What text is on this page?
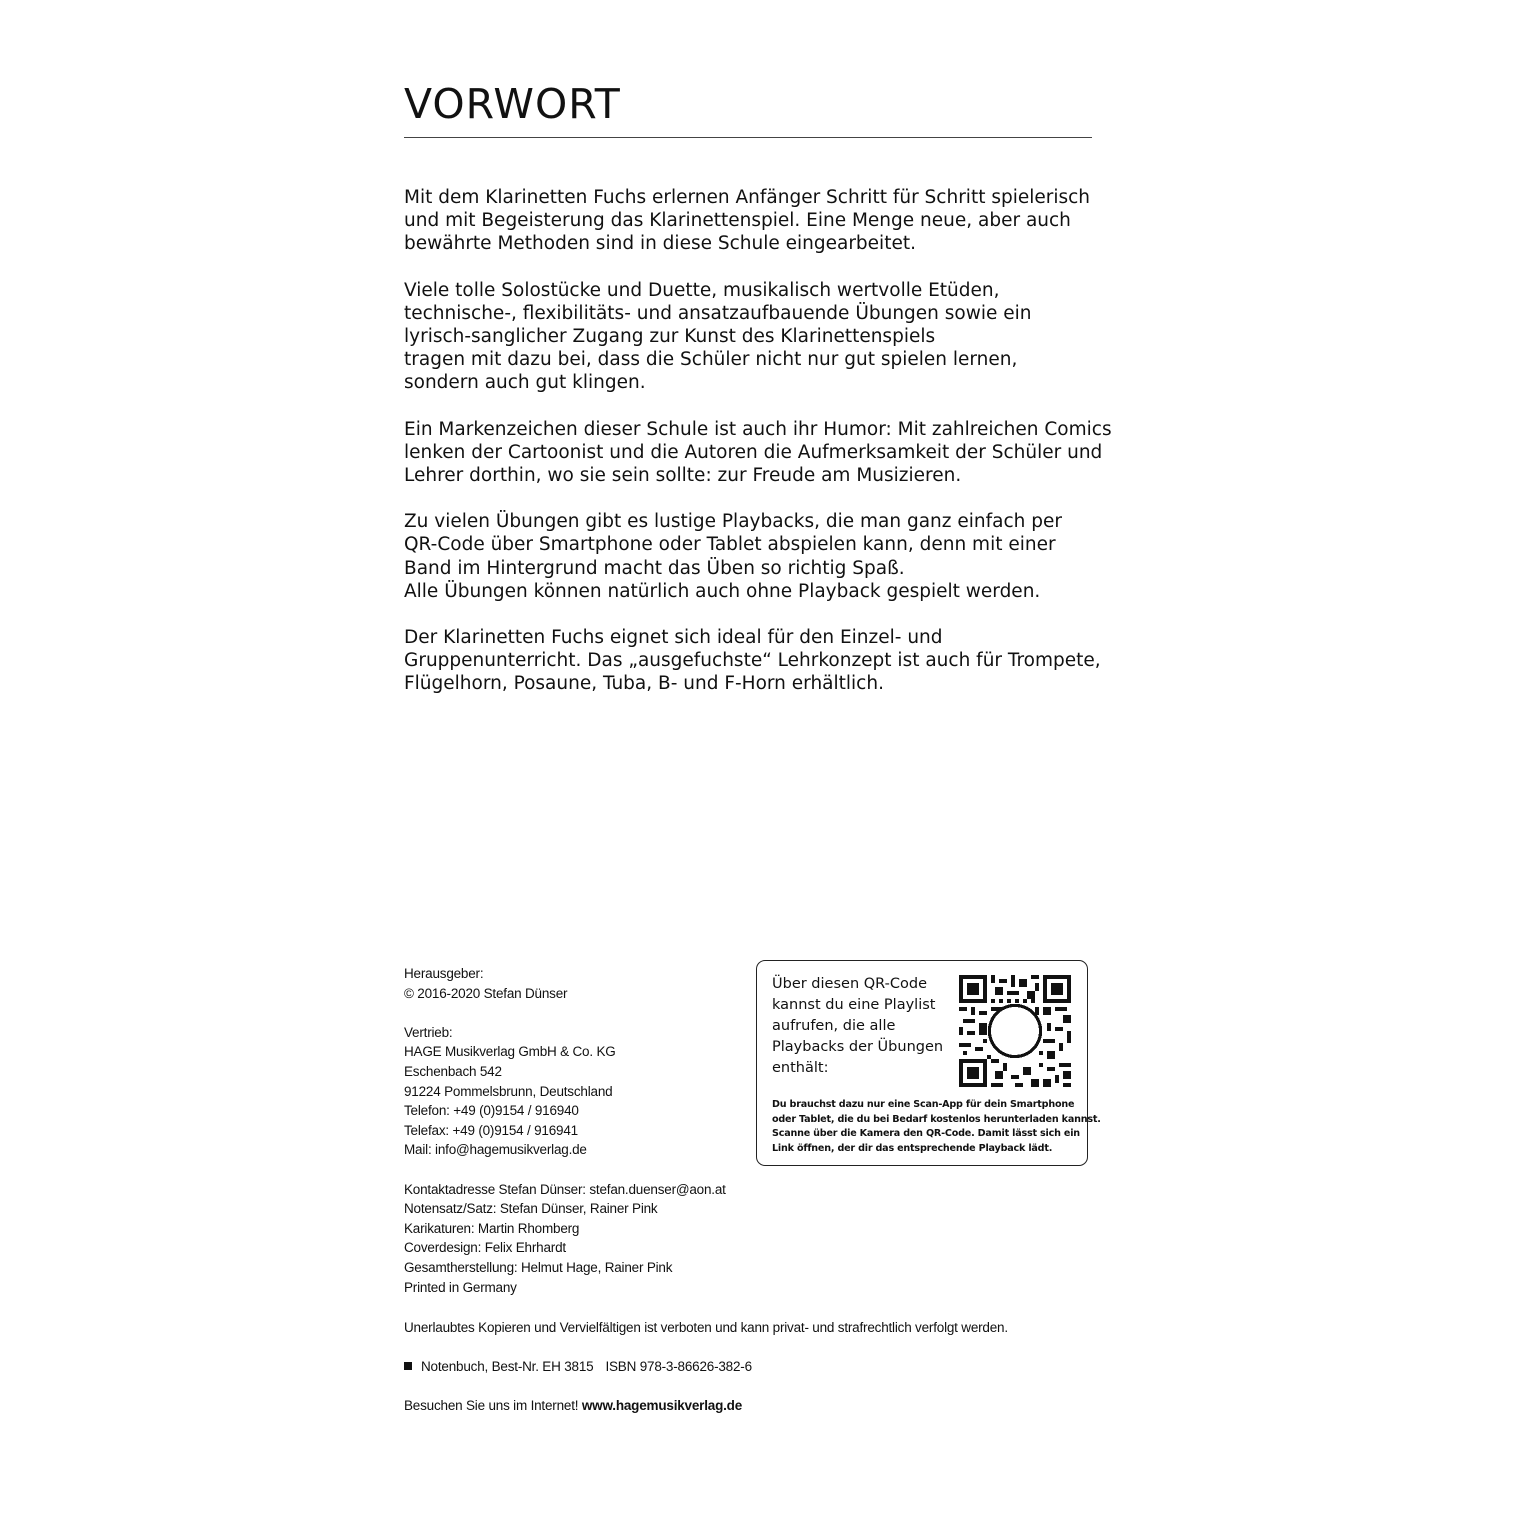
VORWORT

Mit dem Klarinetten Fuchs erlernen Anfänger Schritt für Schritt spielerisch
und mit Begeisterung das Klarinettenspiel. Eine Menge neue, aber auch
bewährte Methoden sind in diese Schule eingearbeitet.

Viele tolle Solostücke und Duette, musikalisch wertvolle Etüden,
technische-, flexibilitäts- und ansatzaufbauende Übungen sowie ein
lyrisch-sanglicher Zugang zur Kunst des Klarinettenspiels
tragen mit dazu bei, dass die Schüler nicht nur gut spielen lernen,
sondern auch gut klingen.

Ein Markenzeichen dieser Schule ist auch ihr Humor: Mit zahlreichen Comics
lenken der Cartoonist und die Autoren die Aufmerksamkeit der Schüler und
Lehrer dorthin, wo sie sein sollte: zur Freude am Musizieren.

Zu vielen Übungen gibt es lustige Playbacks, die man ganz einfach per
QR-Code über Smartphone oder Tablet abspielen kann, denn mit einer
Band im Hintergrund macht das Üben so richtig Spaß.
Alle Übungen können natürlich auch ohne Playback gespielt werden.

Der Klarinetten Fuchs eignet sich ideal für den Einzel- und
Gruppenunterricht. Das „ausgefuchste“ Lehrkonzept ist auch für Trompete,
Flügelhorn, Posaune, Tuba, B- und F-Horn erhältlich.

Herausgeber:
© 2016-2020 Stefan Dünser
Vertrieb:
HAGE Musikverlag GmbH & Co. KG
Eschenbach 542
91224 Pommelsbrunn, Deutschland
Telefon: +49 (0)9154 / 916940
Telefax: +49 (0)9154 / 916941
Mail: info@hagemusikverlag.de
Kontaktadresse Stefan Dünser: stefan.duenser@aon.at
Notensatz/Satz: Stefan Dünser, Rainer Pink
Karikaturen: Martin Rhomberg
Coverdesign: Felix Ehrhardt
Gesamtherstellung: Helmut Hage, Rainer Pink
Printed in Germany
Unerlaubtes Kopieren und Vervielfältigen ist verboten und kann privat- und strafrechtlich verfolgt werden.
Notenbuch, Best-Nr. EH 3815 ISBN 978-3-86626-382-6
Besuchen Sie uns im Internet! www.hagemusikverlag.de
Über diesen QR-Code
kannst du eine Playlist
aufrufen, die alle
Playbacks der Übungen
enthält:
Du brauchst dazu nur eine Scan-App für dein Smartphone
oder Tablet, die du bei Bedarf kostenlos herunterladen kannst.
Scanne über die Kamera den QR-Code. Damit lässt sich ein
Link öffnen, der dir das entsprechende Playback lädt.
